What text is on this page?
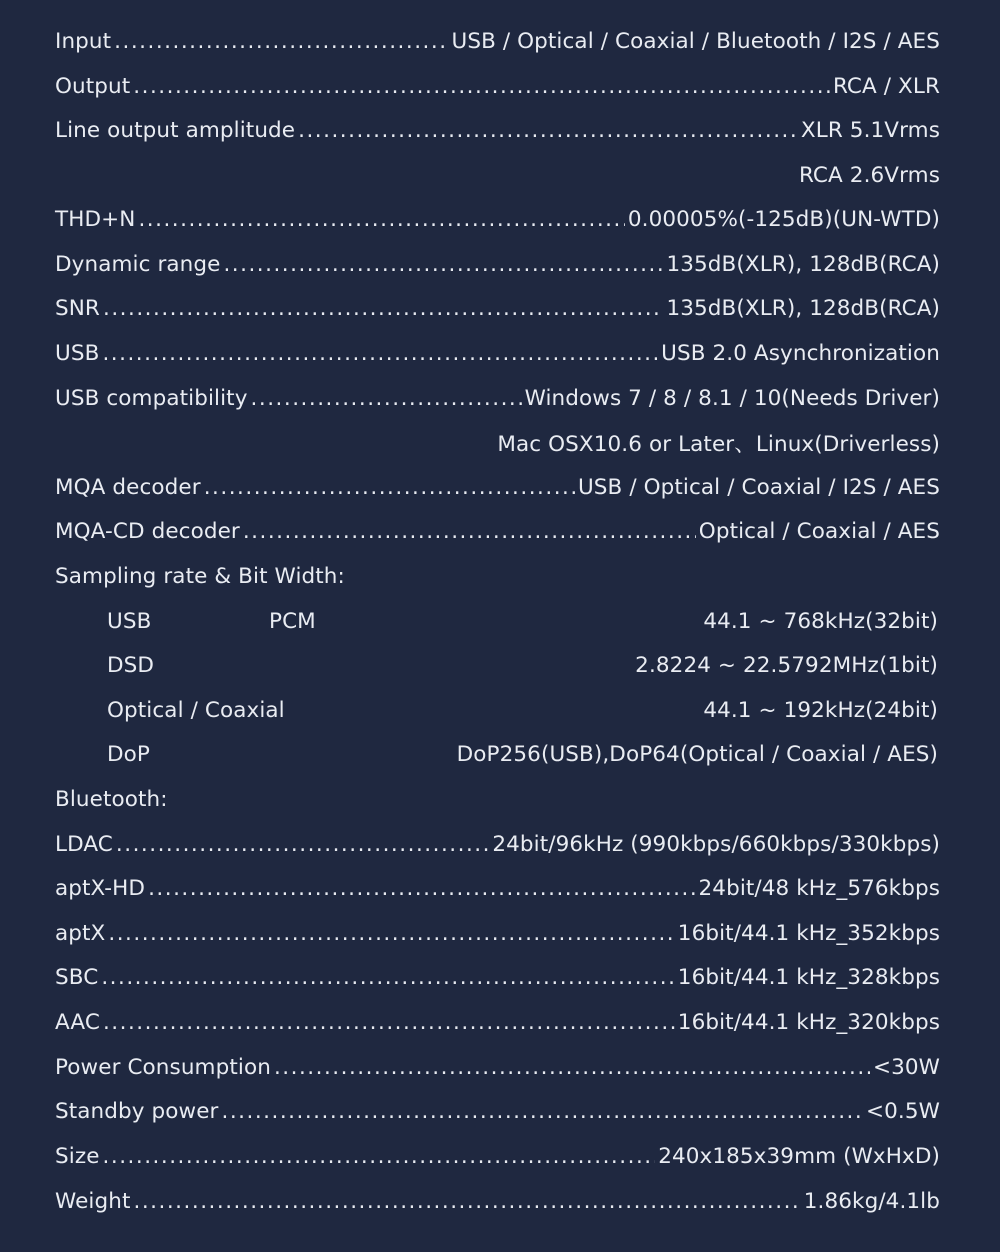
Input .....	USB / Optical / Coaxial / Bluetooth / I2S / AES
Output .....	RCA / XLR
Line output amplitude .....	XLR 5.1Vrms
RCA 2.6Vrms
THD+N .....	0.00005%(-125dB)(UN-WTD)
Dynamic range .....	135dB(XLR), 128dB(RCA)
SNR .....	135dB(XLR), 128dB(RCA)
USB .....	USB 2.0 Asynchronization
USB compatibility .....	Windows 7 / 8 / 8.1 / 10(Needs Driver)
Mac OSX10.6 or Later、Linux(Driverless)
MQA decoder .....	USB / Optical / Coaxial / I2S / AES
MQA-CD decoder .....	Optical / Coaxial / AES
Sampling rate & Bit Width:
USB	PCM	44.1 ~ 768kHz(32bit)
DSD	2.8224 ~ 22.5792MHz(1bit)
Optical / Coaxial	44.1 ~ 192kHz(24bit)
DoP	DoP256(USB),DoP64(Optical / Coaxial / AES)
Bluetooth:
LDAC .....	24bit/96kHz (990kbps/660kbps/330kbps)
aptX-HD .....	24bit/48 kHz_576kbps
aptX .....	16bit/44.1 kHz_352kbps
SBC .....	16bit/44.1 kHz_328kbps
AAC .....	16bit/44.1 kHz_320kbps
Power Consumption .....	<30W
Standby power .....	<0.5W
Size .....	240x185x39mm (WxHxD)
Weight .....	1.86kg/4.1lb
